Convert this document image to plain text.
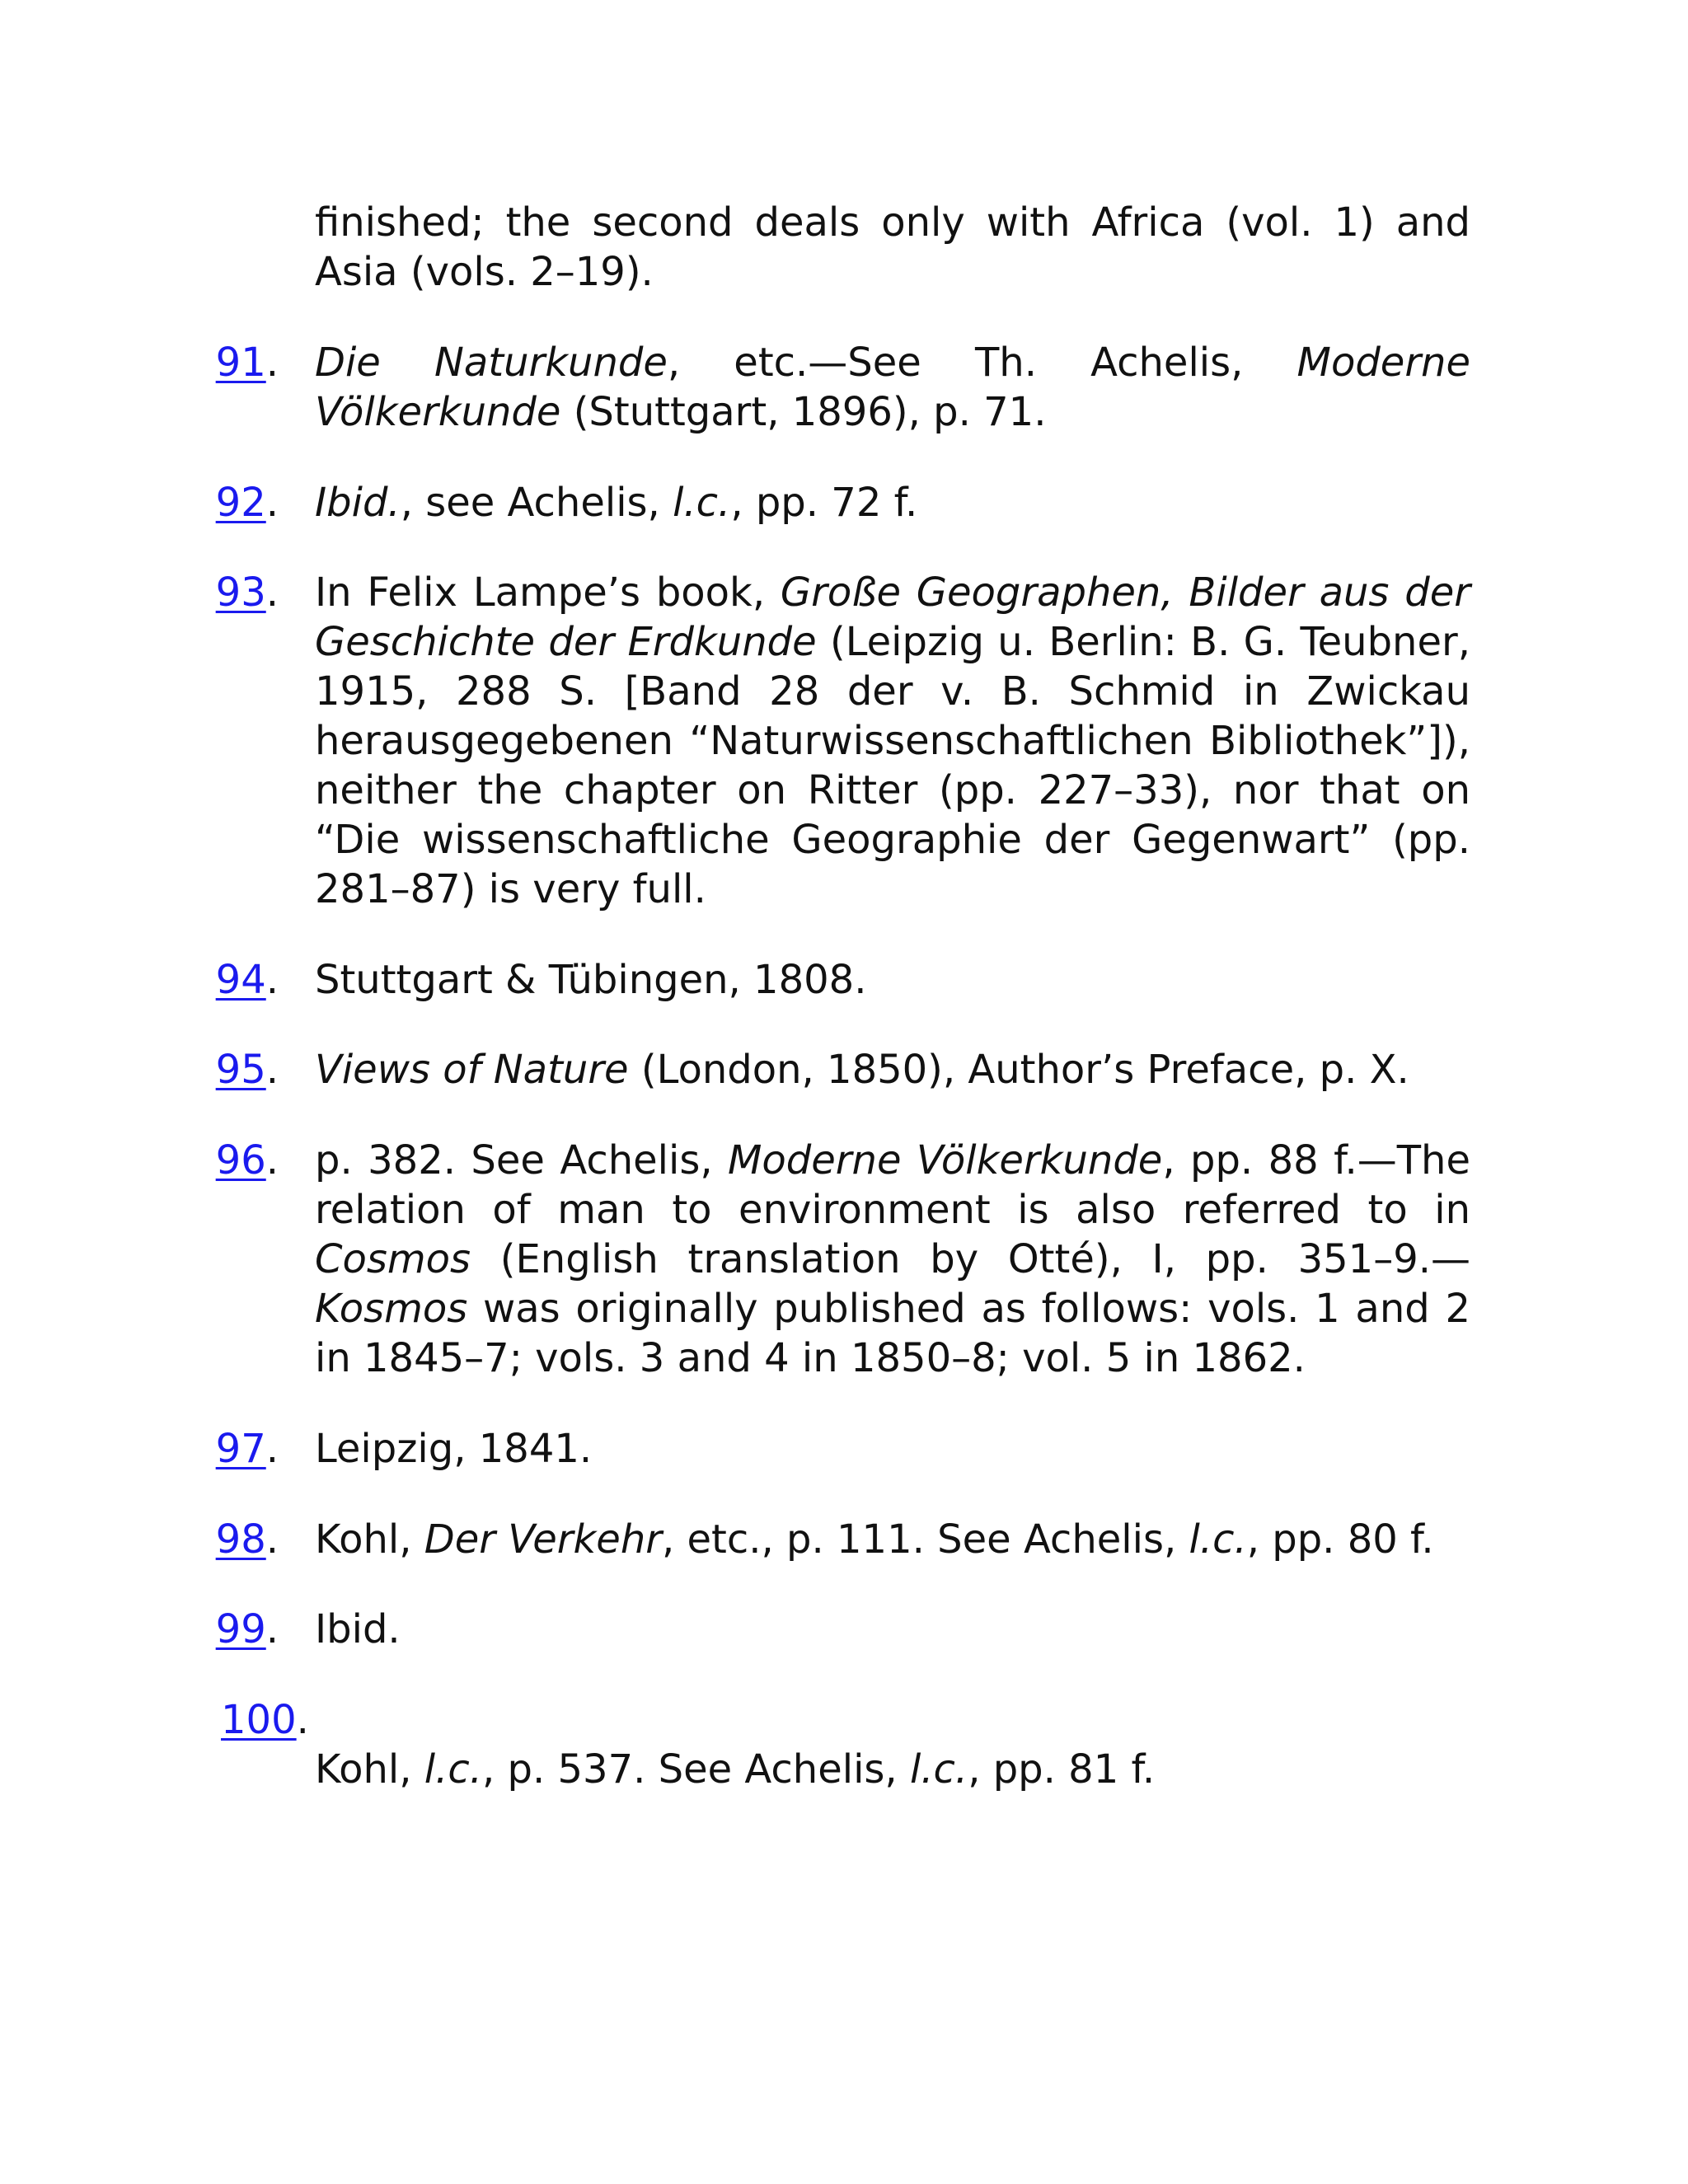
finished; the second deals only with Africa (vol. 1) and Asia (vols. 2–19).
91. Die Naturkunde, etc.—See Th. Achelis, Moderne Völkerkunde (Stuttgart, 1896), p. 71.
92. Ibid., see Achelis, l.c., pp. 72 f.
93. In Felix Lampe’s book, Große Geographen, Bilder aus der Geschichte der Erdkunde (Leipzig u. Berlin: B. G. Teubner, 1915, 288 S. [Band 28 der v. B. Schmid in Zwickau herausgegebenen “Naturwissenschaftlichen Bibliothek”]), neither the chapter on Ritter (pp. 227–33), nor that on “Die wissenschaftliche Geographie der Gegenwart” (pp. 281–87) is very full.
94. Stuttgart & Tübingen, 1808.
95. Views of Nature (London, 1850), Author’s Preface, p. X.
96. p. 382. See Achelis, Moderne Völkerkunde, pp. 88 f.—The relation of man to environment is also referred to in Cosmos (English translation by Otté), I, pp. 351–9.—Kosmos was originally published as follows: vols. 1 and 2 in 1845–7; vols. 3 and 4 in 1850–8; vol. 5 in 1862.
97. Leipzig, 1841.
98. Kohl, Der Verkehr, etc., p. 111. See Achelis, l.c., pp. 80 f.
99. Ibid.
100.
Kohl, l.c., p. 537. See Achelis, l.c., pp. 81 f.
